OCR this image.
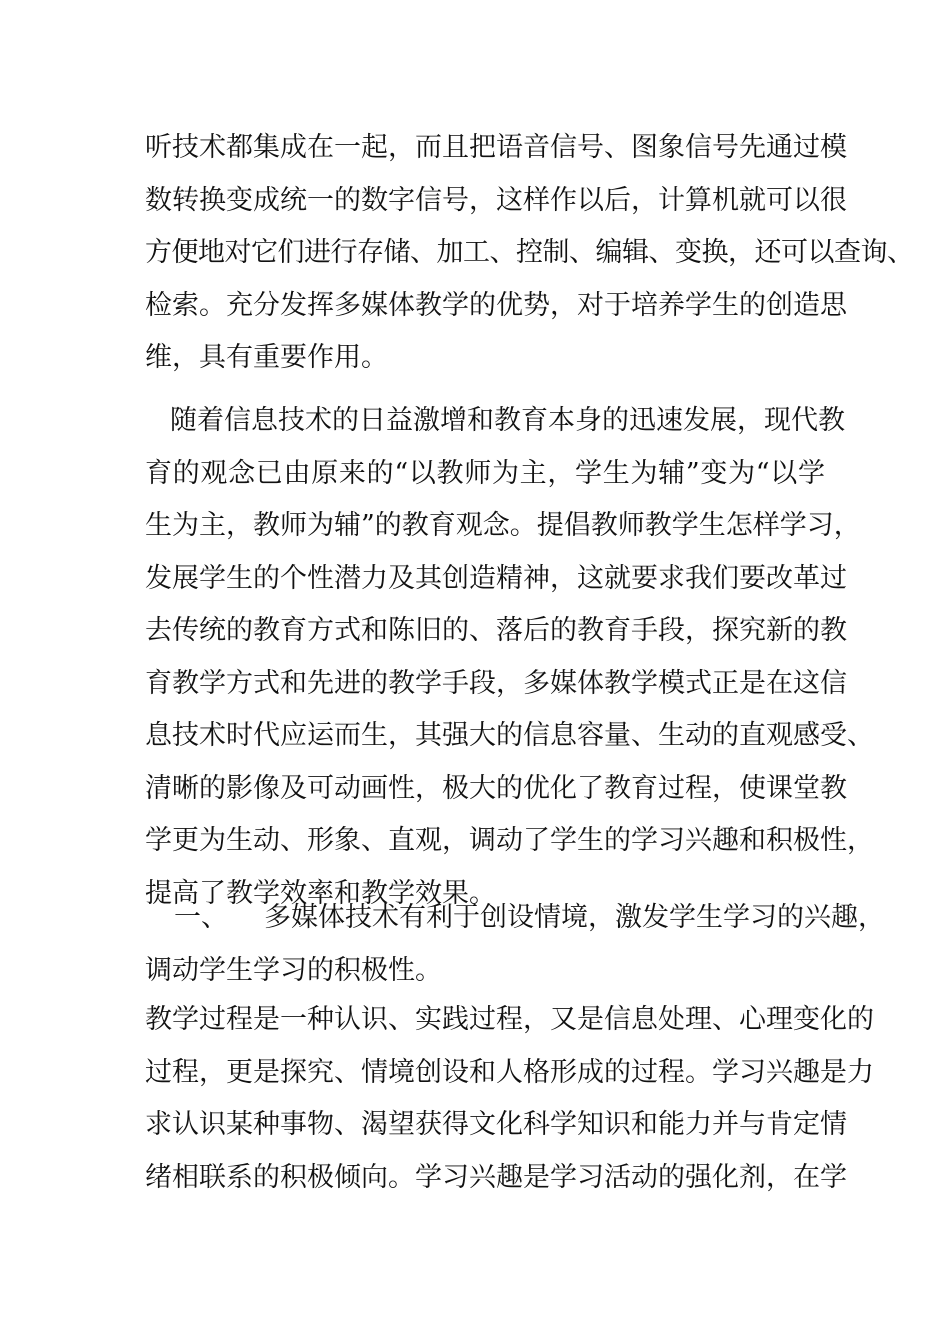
听技术都集成在一起，而且把语音信号、图象信号先通过模
数转换变成统一的数字信号，这样作以后，计算机就可以很
方便地对它们进行存储、加工、控制、编辑、变换，还可以查询、
检索。充分发挥多媒体教学的优势，对于培养学生的创造思
维，具有重要作用。
随着信息技术的日益激增和教育本身的迅速发展，现代教
育的观念已由原来的“以教师为主，学生为辅”变为“以学
生为主，教师为辅”的教育观念。提倡教师教学生怎样学习，
发展学生的个性潜力及其创造精神，这就要求我们要改革过
去传统的教育方式和陈旧的、落后的教育手段，探究新的教
育教学方式和先进的教学手段，多媒体教学模式正是在这信
息技术时代应运而生，其强大的信息容量、生动的直观感受、
清晰的影像及可动画性，极大的优化了教育过程，使课堂教
学更为生动、形象、直观，调动了学生的学习兴趣和积极性，
提高了教学效率和教学效果。
一、 多媒体技术有利于创设情境，激发学生学习的兴趣，
调动学生学习的积极性。
教学过程是一种认识、实践过程，又是信息处理、心理变化的
过程，更是探究、情境创设和人格形成的过程。学习兴趣是力
求认识某种事物、渴望获得文化科学知识和能力并与肯定情
绪相联系的积极倾向。学习兴趣是学习活动的强化剂，在学
